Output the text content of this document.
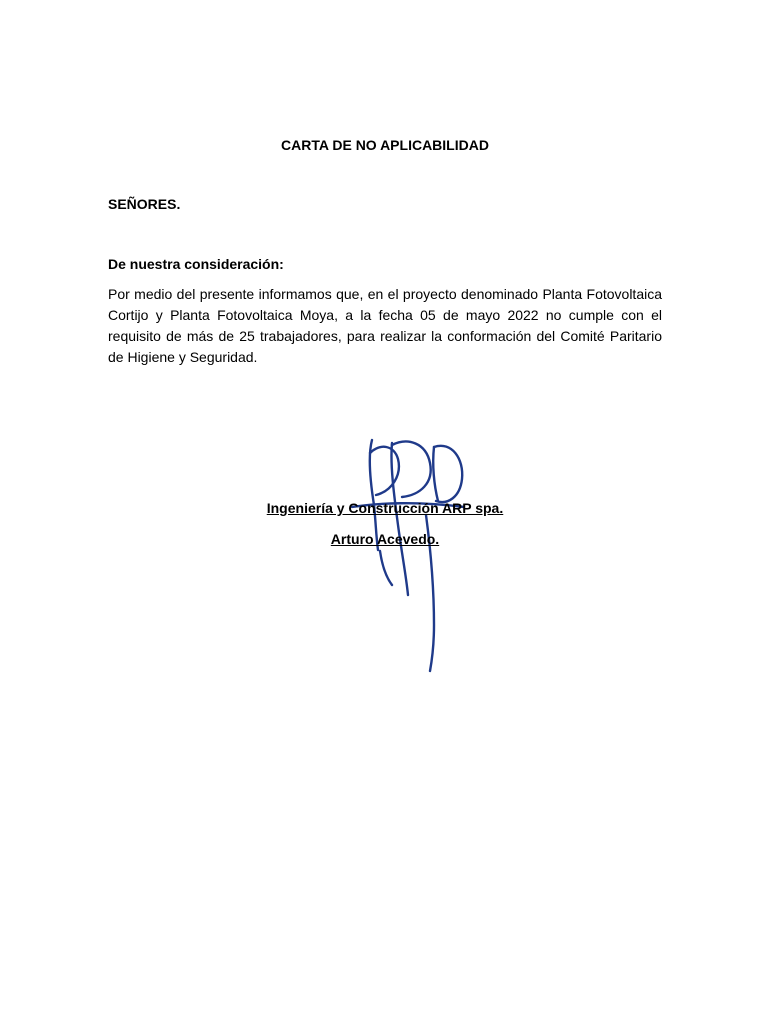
CARTA DE NO APLICABILIDAD
SEÑORES.
De nuestra consideración:
Por medio del presente informamos que, en el proyecto denominado Planta Fotovoltaica Cortijo y Planta Fotovoltaica Moya, a la fecha 05 de mayo 2022 no cumple con el requisito de más de 25 trabajadores, para realizar la conformación del Comité Paritario de Higiene y Seguridad.
Ingeniería y Construcción ARP spa.
Arturo Acevedo.
